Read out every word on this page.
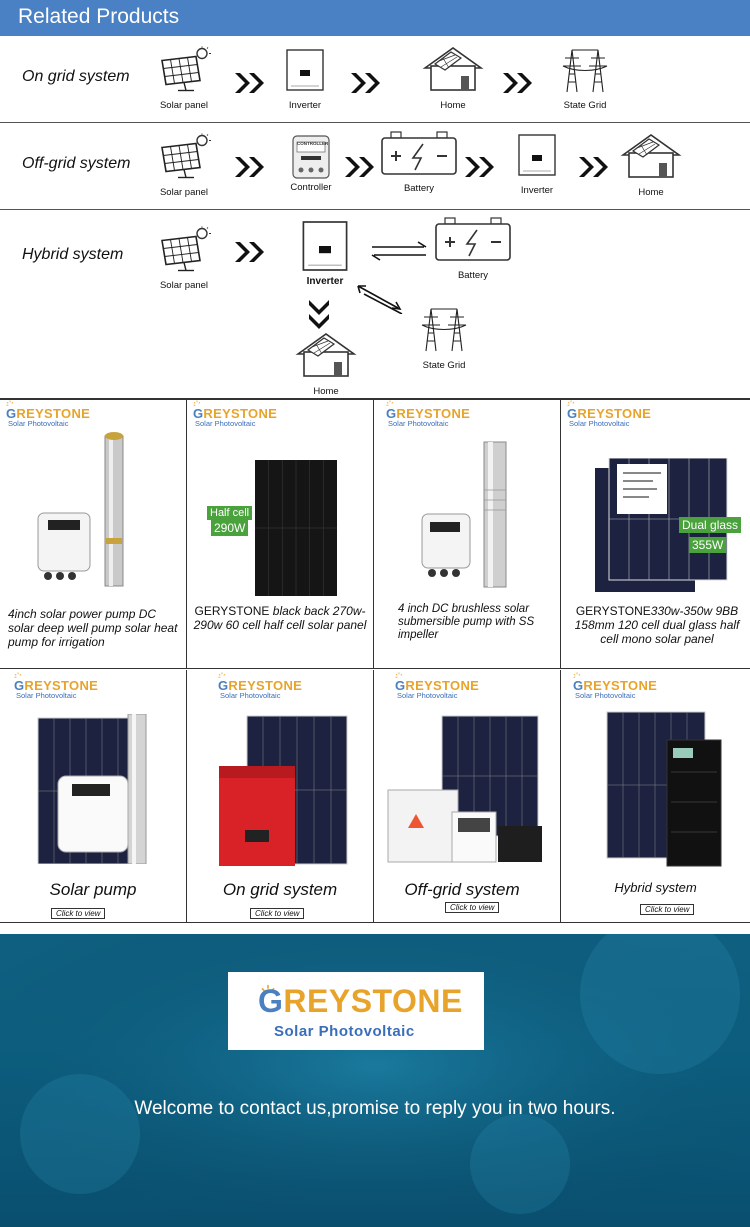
Related Products
On grid system
Solar panel	Inverter	Home	State Grid
Off-grid system
Solar panel
CONTROLLER
Controller	Battery	Inverter	Home
Hybrid system
Solar panel	Inverter
Battery
State Grid
Home
GREYSTONE
Solar Photovoltaic
4inch solar power pump DC solar deep well pump solar heat pump for irrigation
GREYSTONE
Solar Photovoltaic
Half cell
290W
GERYSTONE black back 270w-290w 60 cell half cell solar panel
GREYSTONE
Solar Photovoltaic
4 inch DC brushless solar submersible pump with SS impeller
GREYSTONE
Solar Photovoltaic
Dual glass
355W
GERYSTONE330w-350w 9BB 158mm 120 cell dual glass half cell mono solar panel
GREYSTONE
Solar Photovoltaic
Solar pump
Click to view
GREYSTONE
Solar Photovoltaic
On grid system
Click to view
GREYSTONE
Solar Photovoltaic
Off-grid system
Click to view
GREYSTONE
Solar Photovoltaic
Hybrid system
Click to view
GREYSTONE
Solar Photovoltaic
Welcome to contact us,promise to reply you in two hours.
